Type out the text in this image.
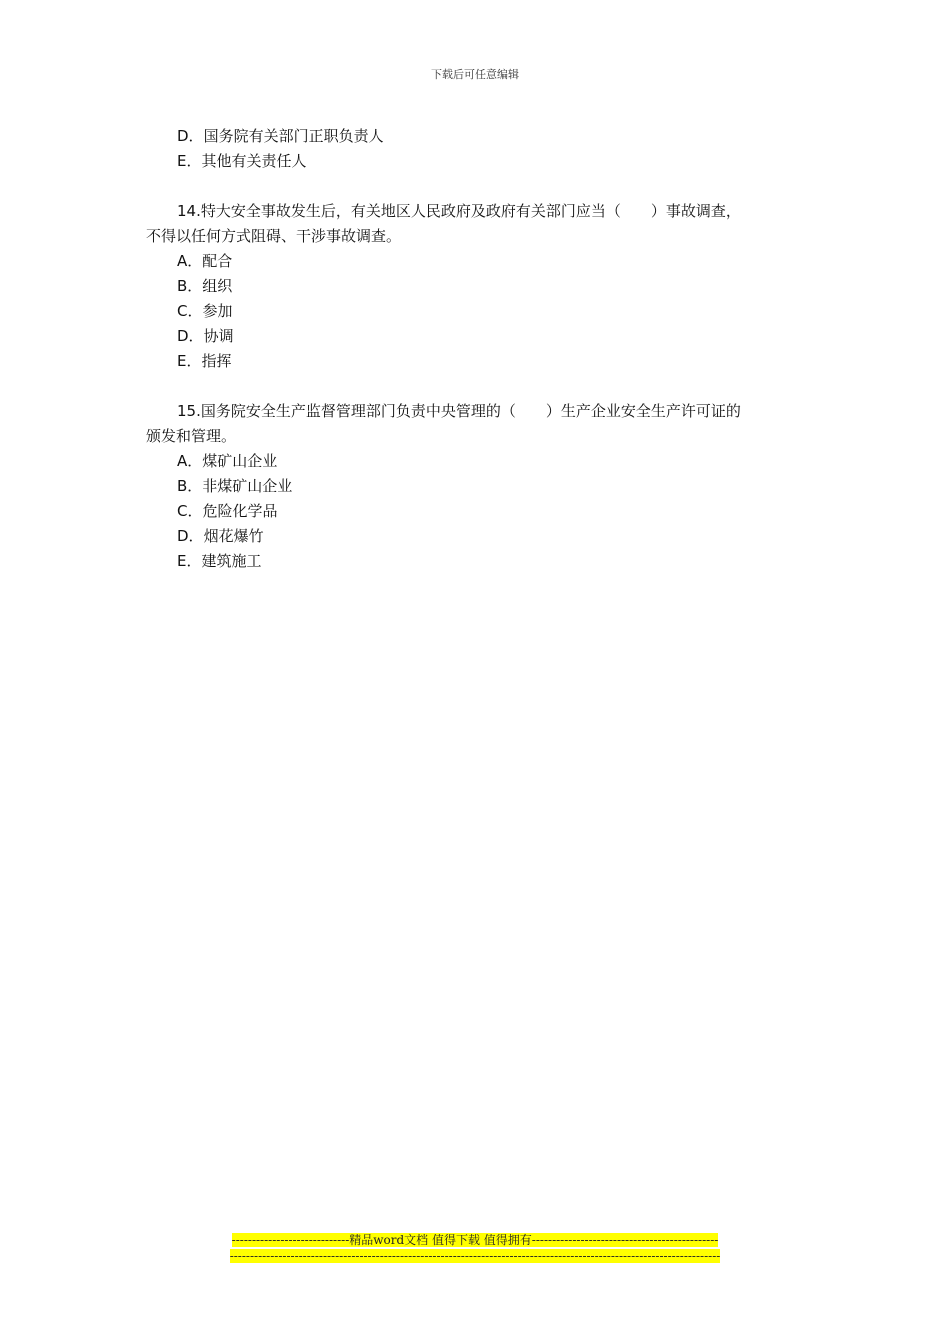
下载后可任意编辑
D．国务院有关部门正职负责人
E．其他有关责任人
14.特大安全事故发生后，有关地区人民政府及政府有关部门应当（　　）事故调查，
不得以任何方式阻碍、干涉事故调查。
A．配合
B．组织
C．参加
D．协调
E．指挥
15.国务院安全生产监督管理部门负责中央管理的（　　）生产企业安全生产许可证的
颁发和管理。
A．煤矿山企业
B．非煤矿山企业
C．危险化学品
D．烟花爆竹
E．建筑施工
-----------------------------精品word文档 值得下载 值得拥有----------------------------------------------
-------------------------------------------------------------------------------------------------------------------------
